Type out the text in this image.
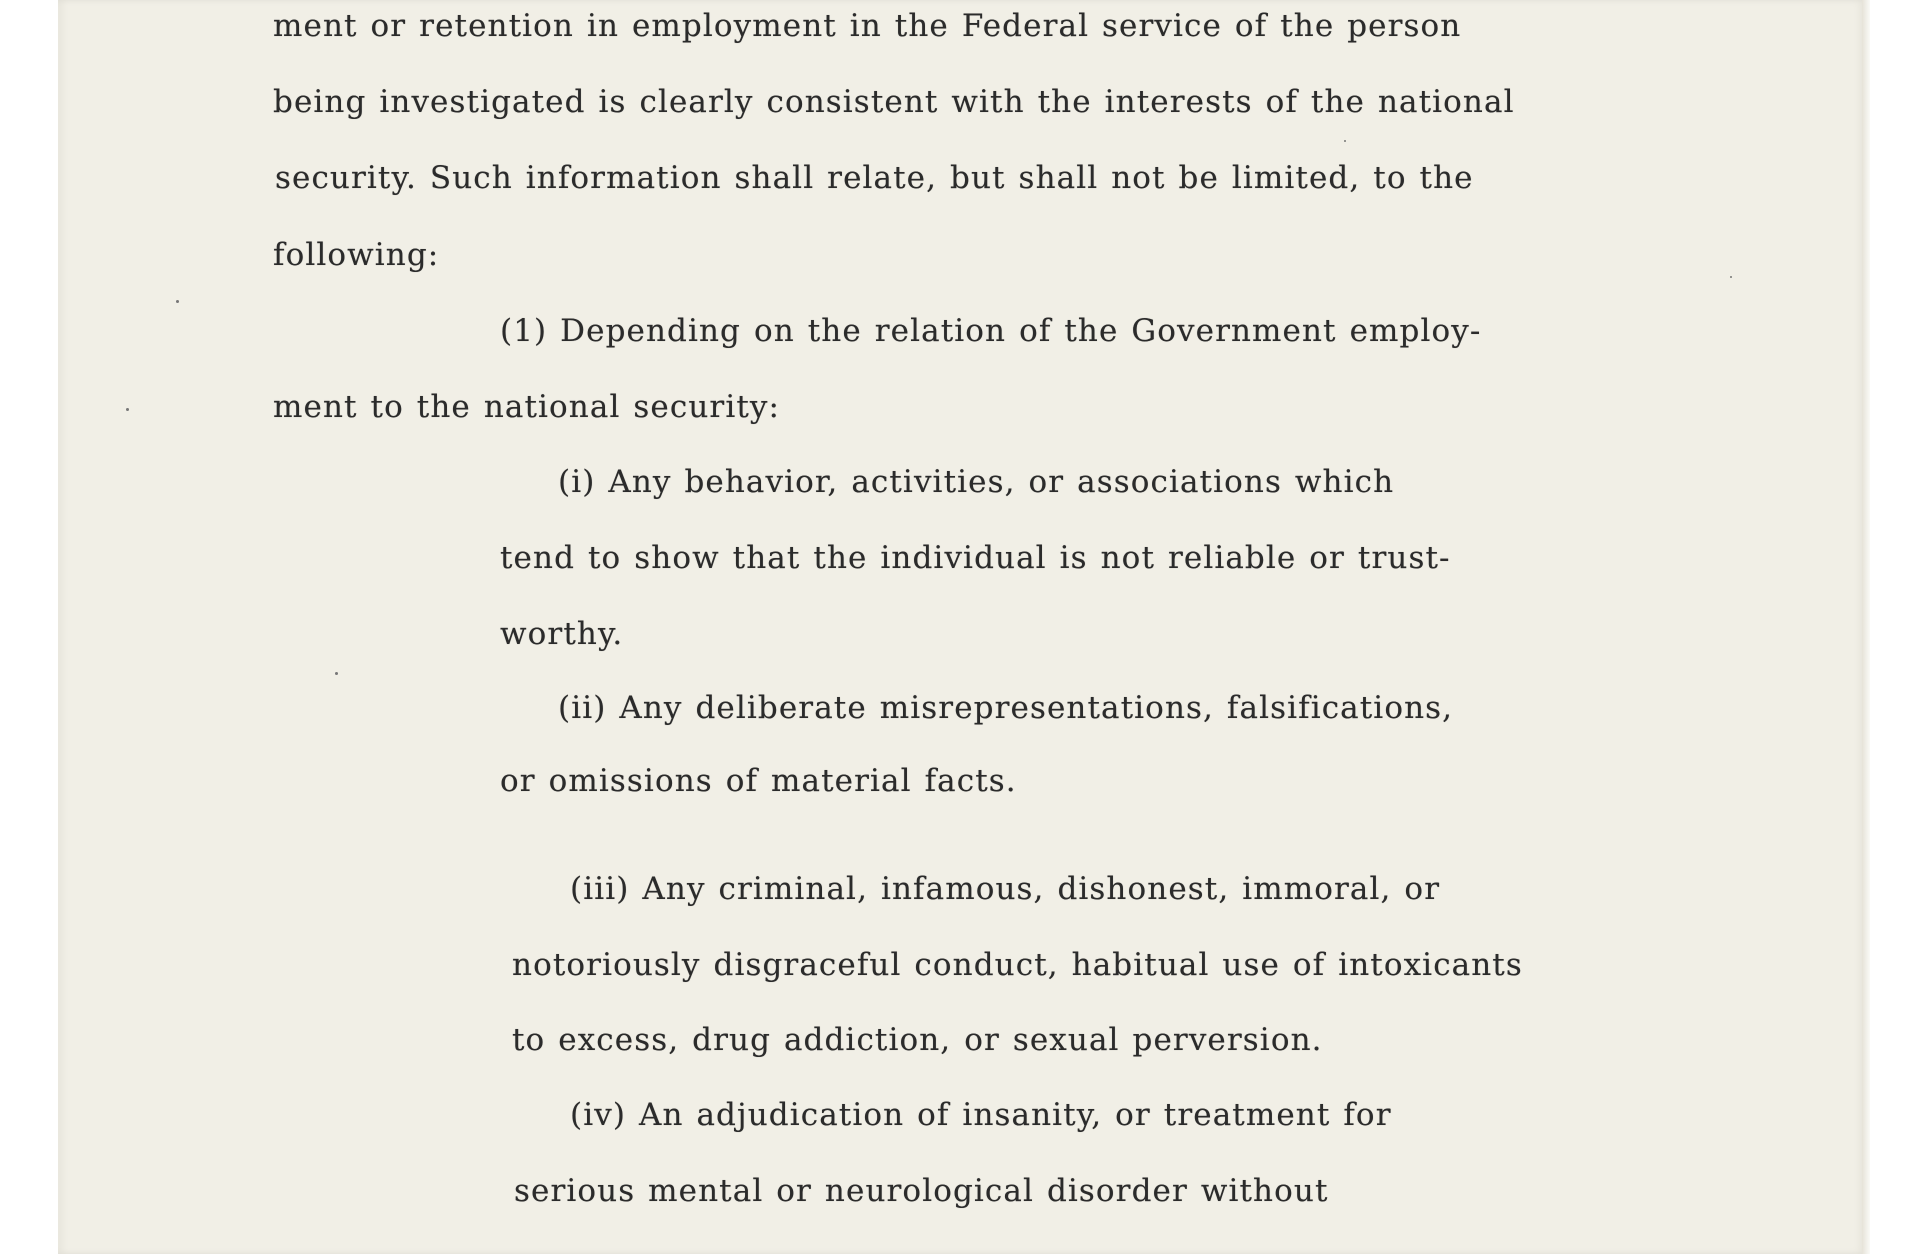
ment or retention in employment in the Federal service of the person

being investigated is clearly consistent with the interests of the national

security. Such information shall relate, but shall not be limited, to the

following:

(1) Depending on the relation of the Government employ-

ment to the national security:

(i) Any behavior, activities, or associations which

tend to show that the individual is not reliable or trust-

worthy.

(ii) Any deliberate misrepresentations, falsifications,

or omissions of material facts.

(iii) Any criminal, infamous, dishonest, immoral, or

notoriously disgraceful conduct, habitual use of intoxicants

to excess, drug addiction, or sexual perversion.

(iv) An adjudication of insanity, or treatment for

serious mental or neurological disorder without
